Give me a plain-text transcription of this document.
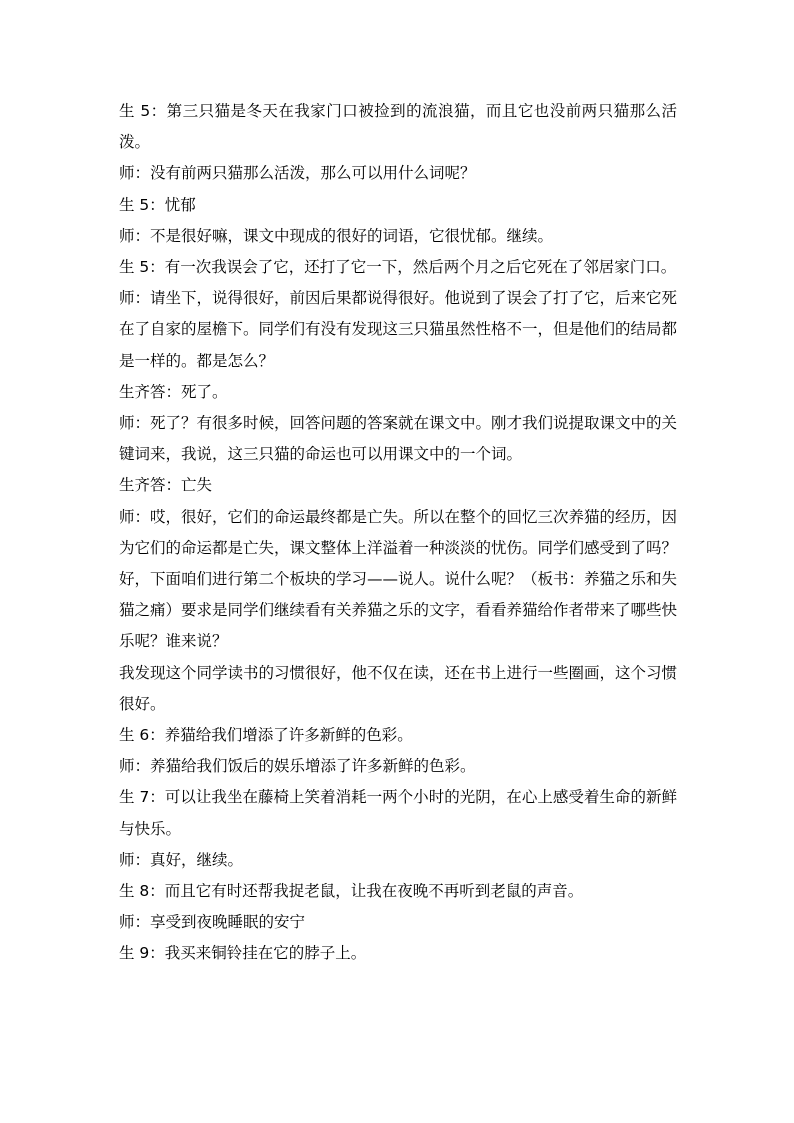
生 5：第三只猫是冬天在我家门口被捡到的流浪猫，而且它也没前两只猫那么活泼。

师：没有前两只猫那么活泼，那么可以用什么词呢？

生 5：忧郁

师：不是很好嘛，课文中现成的很好的词语，它很忧郁。继续。

生 5：有一次我误会了它，还打了它一下，然后两个月之后它死在了邻居家门口。

师：请坐下，说得很好，前因后果都说得很好。他说到了误会了打了它，后来它死在了自家的屋檐下。同学们有没有发现这三只猫虽然性格不一，但是他们的结局都是一样的。都是怎么？

生齐答：死了。

师：死了？有很多时候，回答问题的答案就在课文中。刚才我们说提取课文中的关键词来，我说，这三只猫的命运也可以用课文中的一个词。

生齐答：亡失

师：哎，很好，它们的命运最终都是亡失。所以在整个的回忆三次养猫的经历，因为它们的命运都是亡失，课文整体上洋溢着一种淡淡的忧伤。同学们感受到了吗？

好，下面咱们进行第二个板块的学习——说人。说什么呢？（板书：养猫之乐和失猫之痛）要求是同学们继续看有关养猫之乐的文字，看看养猫给作者带来了哪些快乐呢？谁来说？

我发现这个同学读书的习惯很好，他不仅在读，还在书上进行一些圈画，这个习惯很好。

生 6：养猫给我们增添了许多新鲜的色彩。

师：养猫给我们饭后的娱乐增添了许多新鲜的色彩。

生 7：可以让我坐在藤椅上笑着消耗一两个小时的光阴，在心上感受着生命的新鲜与快乐。

师：真好，继续。

生 8：而且它有时还帮我捉老鼠，让我在夜晚不再听到老鼠的声音。

师：享受到夜晚睡眠的安宁

生 9：我买来铜铃挂在它的脖子上。
